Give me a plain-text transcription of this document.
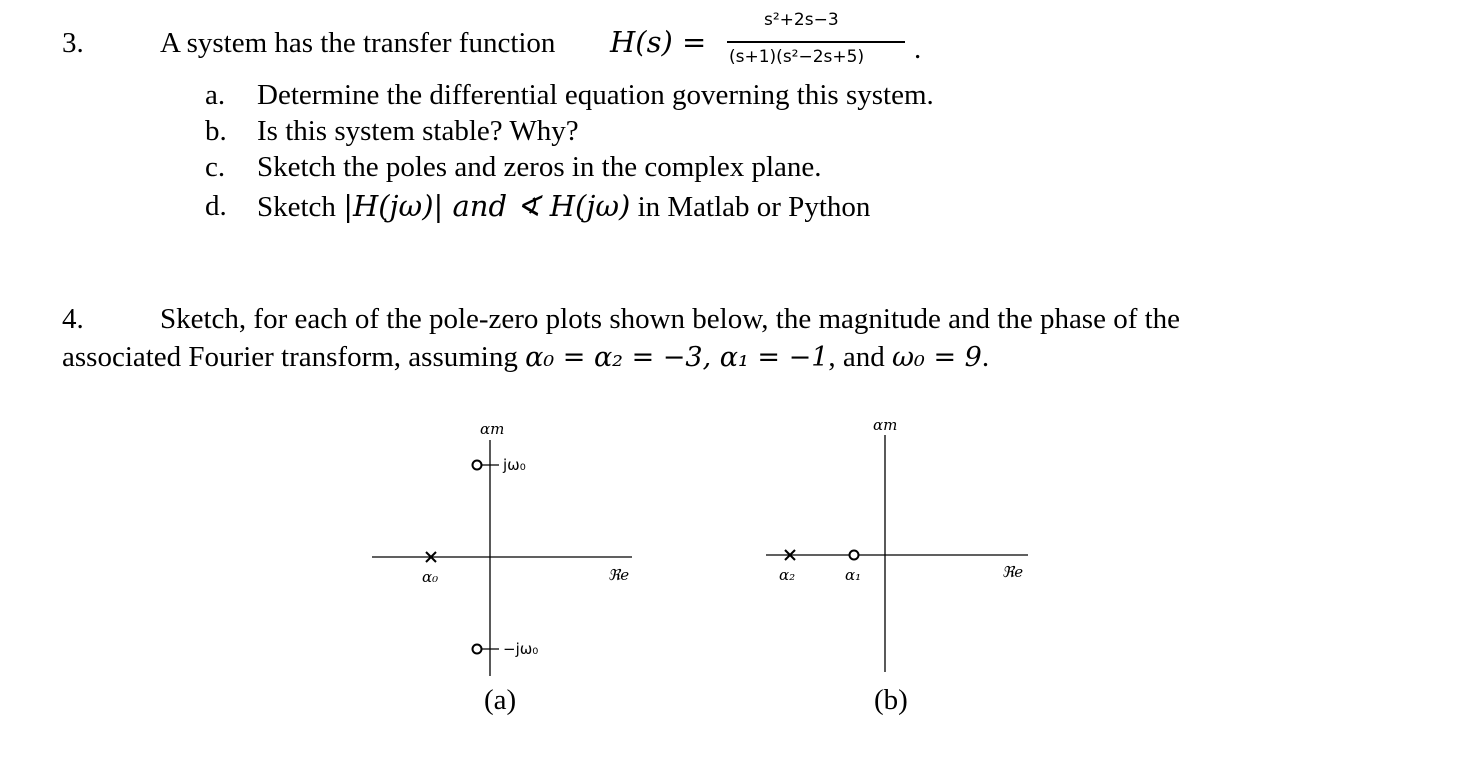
3.	A system has the transfer function H(s) =
s²+2s−3
(s+1)(s²−2s+5) .
a. Determine the differential equation governing this system.
b. Is this system stable? Why?
c. Sketch the poles and zeros in the complex plane.
d. Sketch |H(jω)| and ∢ H(jω) in Matlab or Python
4.	Sketch, for each of the pole-zero plots shown below, the magnitude and the phase of the
associated Fourier transform, assuming α₀ = α₂ = −3, α₁ = −1, and ω₀ = 9.
ɑm
ℜe
jω₀
−jω₀
α₀
(a)
ɑm
ℜe
α₂	α₁
(b)
